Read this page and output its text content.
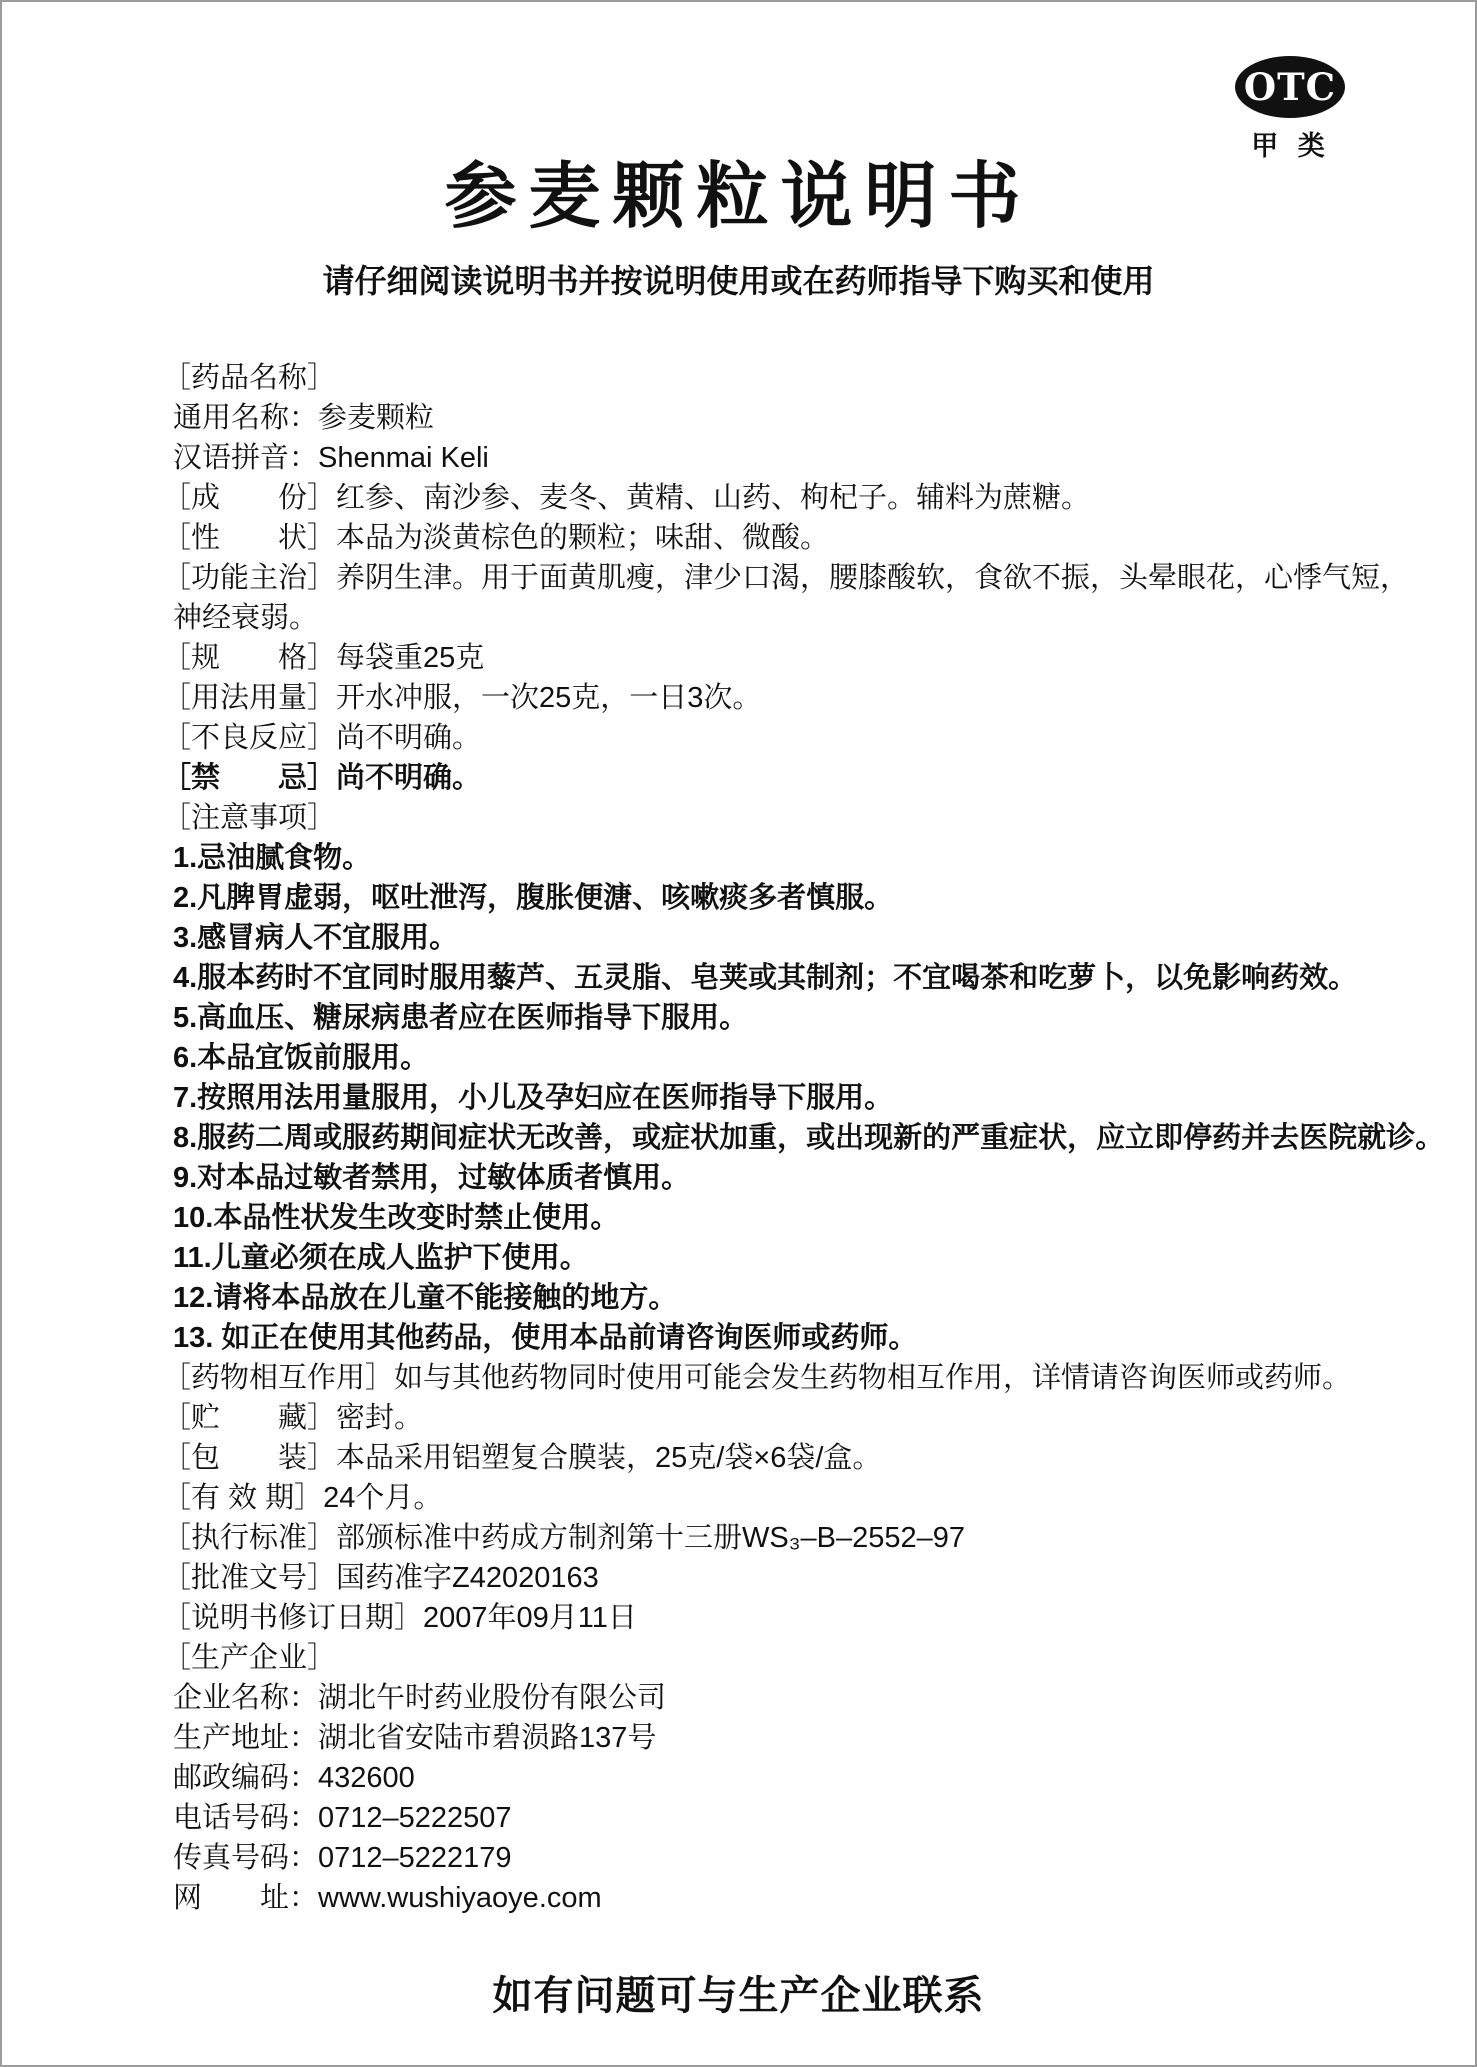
OTC
甲 类
参麦颗粒说明书
请仔细阅读说明书并按说明使用或在药师指导下购买和使用
［药品名称］
通用名称：参麦颗粒
汉语拼音：Shenmai Keli
［成　　份］红参、南沙参、麦冬、黄精、山药、枸杞子。辅料为蔗糖。
［性　　状］本品为淡黄棕色的颗粒；味甜、微酸。
［功能主治］养阴生津。用于面黄肌瘦，津少口渴，腰膝酸软，食欲不振，头晕眼花，心悸气短，
神经衰弱。
［规　　格］每袋重25克
［用法用量］开水冲服，一次25克，一日3次。
［不良反应］尚不明确。
［禁　　忌］尚不明确。
［注意事项］
1.忌油腻食物。
2.凡脾胃虚弱，呕吐泄泻，腹胀便溏、咳嗽痰多者慎服。
3.感冒病人不宜服用。
4.服本药时不宜同时服用藜芦、五灵脂、皂荚或其制剂；不宜喝茶和吃萝卜，以免影响药效。
5.高血压、糖尿病患者应在医师指导下服用。
6.本品宜饭前服用。
7.按照用法用量服用，小儿及孕妇应在医师指导下服用。
8.服药二周或服药期间症状无改善，或症状加重，或出现新的严重症状，应立即停药并去医院就诊。
9.对本品过敏者禁用，过敏体质者慎用。
10.本品性状发生改变时禁止使用。
11.儿童必须在成人监护下使用。
12.请将本品放在儿童不能接触的地方。
13. 如正在使用其他药品，使用本品前请咨询医师或药师。
［药物相互作用］如与其他药物同时使用可能会发生药物相互作用，详情请咨询医师或药师。
［贮　　藏］密封。
［包　　装］本品采用铝塑复合膜装，25克/袋×6袋/盒。
［有 效 期］24个月。
［执行标准］部颁标准中药成方制剂第十三册WS₃–B–2552–97
［批准文号］国药准字Z42020163
［说明书修订日期］2007年09月11日
［生产企业］
企业名称：湖北午时药业股份有限公司
生产地址：湖北省安陆市碧涢路137号
邮政编码：432600
电话号码：0712–5222507
传真号码：0712–5222179
网　　址：www.wushiyaoye.com
如有问题可与生产企业联系
